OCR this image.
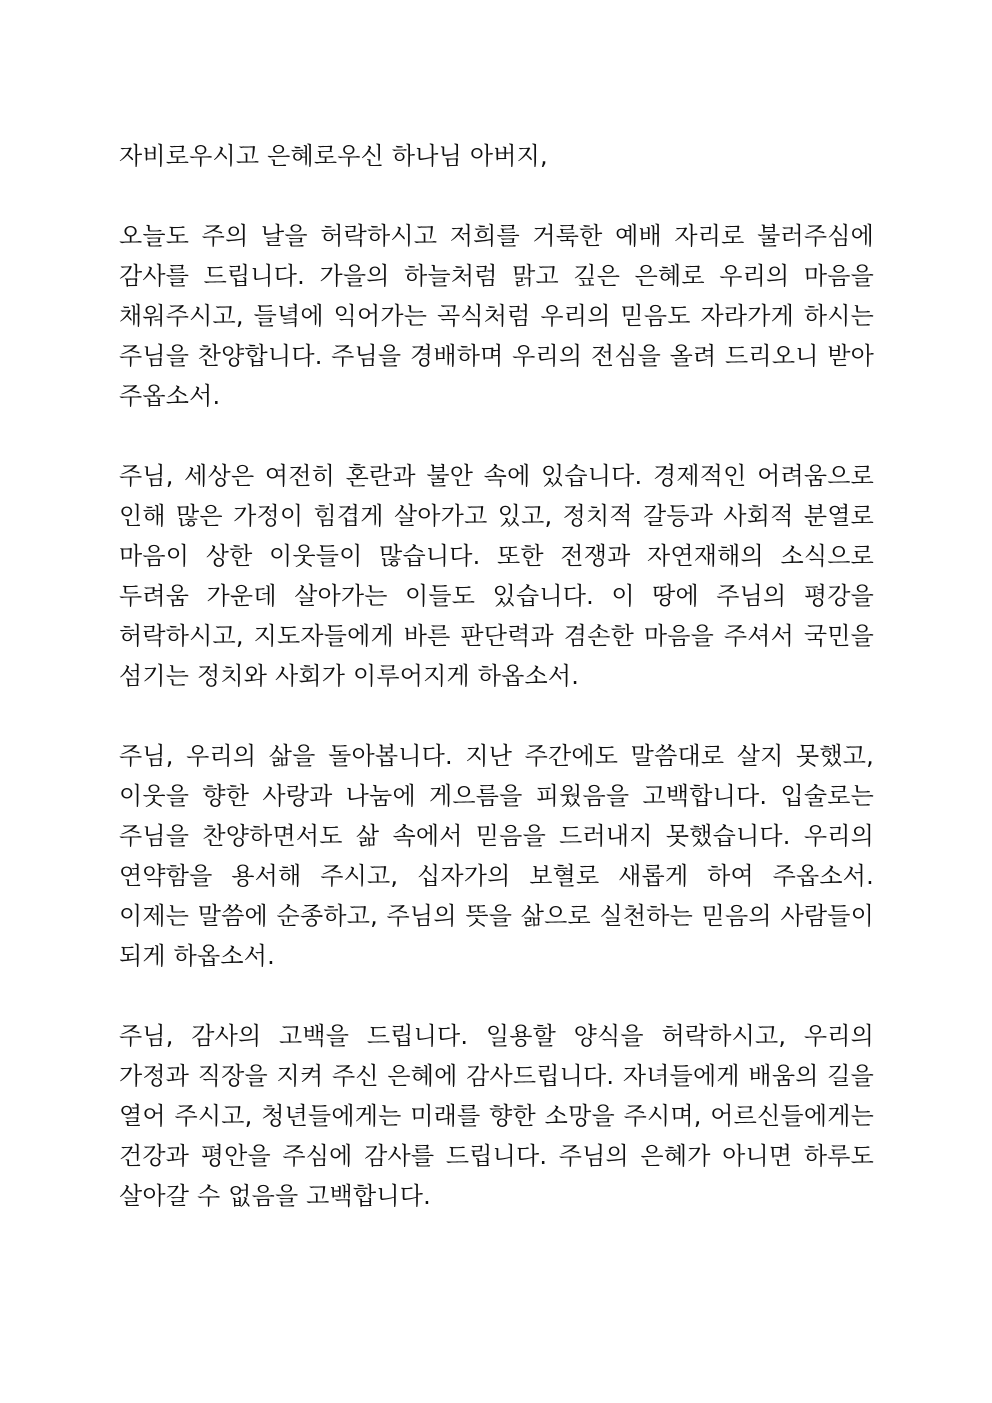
자비로우시고 은혜로우신 하나님 아버지,

오늘도 주의 날을 허락하시고 저희를 거룩한 예배 자리로 불러주심에 감사를 드립니다. 가을의 하늘처럼 맑고 깊은 은혜로 우리의 마음을 채워주시고, 들녘에 익어가는 곡식처럼 우리의 믿음도 자라가게 하시는 주님을 찬양합니다. 주님을 경배하며 우리의 전심을 올려 드리오니 받아 주옵소서.

주님, 세상은 여전히 혼란과 불안 속에 있습니다. 경제적인 어려움으로 인해 많은 가정이 힘겹게 살아가고 있고, 정치적 갈등과 사회적 분열로 마음이 상한 이웃들이 많습니다. 또한 전쟁과 자연재해의 소식으로 두려움 가운데 살아가는 이들도 있습니다. 이 땅에 주님의 평강을 허락하시고, 지도자들에게 바른 판단력과 겸손한 마음을 주셔서 국민을 섬기는 정치와 사회가 이루어지게 하옵소서.

주님, 우리의 삶을 돌아봅니다. 지난 주간에도 말씀대로 살지 못했고, 이웃을 향한 사랑과 나눔에 게으름을 피웠음을 고백합니다. 입술로는 주님을 찬양하면서도 삶 속에서 믿음을 드러내지 못했습니다. 우리의 연약함을 용서해 주시고, 십자가의 보혈로 새롭게 하여 주옵소서. 이제는 말씀에 순종하고, 주님의 뜻을 삶으로 실천하는 믿음의 사람들이 되게 하옵소서.

주님, 감사의 고백을 드립니다. 일용할 양식을 허락하시고, 우리의 가정과 직장을 지켜 주신 은혜에 감사드립니다. 자녀들에게 배움의 길을 열어 주시고, 청년들에게는 미래를 향한 소망을 주시며, 어르신들에게는 건강과 평안을 주심에 감사를 드립니다. 주님의 은혜가 아니면 하루도 살아갈 수 없음을 고백합니다.
